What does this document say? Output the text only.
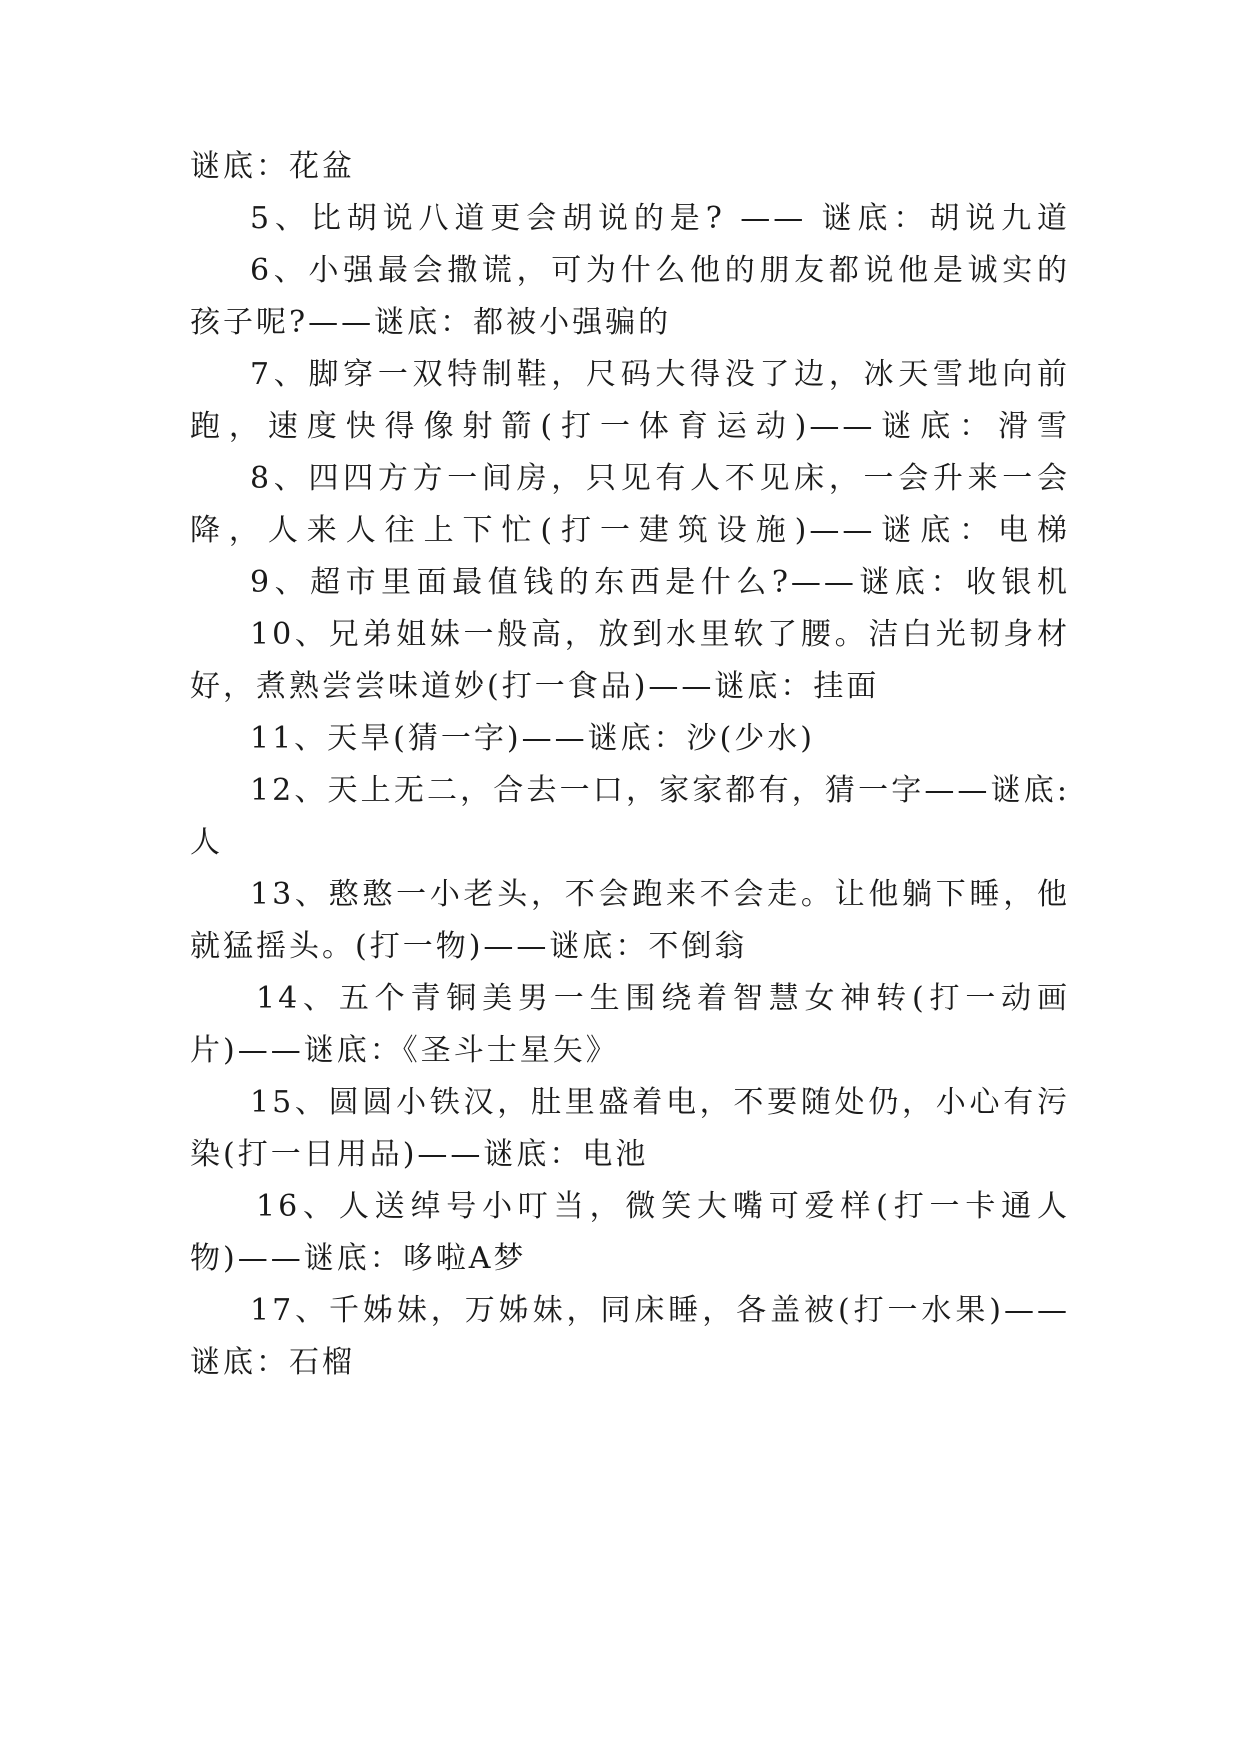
谜底：花盆
5、比胡说八道更会胡说的是? —— 谜底：胡说九道
6、小强最会撒谎，可为什么他的朋友都说他是诚实的
孩子呢?——谜底：都被小强骗的
7、脚穿一双特制鞋，尺码大得没了边，冰天雪地向前
跑，速度快得像射箭(打一体育运动)——谜底：滑雪
8、四四方方一间房，只见有人不见床，一会升来一会
降，人来人往上下忙(打一建筑设施)——谜底：电梯
9、超市里面最值钱的东西是什么?——谜底：收银机
10、兄弟姐妹一般高，放到水里软了腰。洁白光韧身材
好，煮熟尝尝味道妙(打一食品)——谜底：挂面
11、天旱(猜一字)——谜底：沙(少水)
12、天上无二，合去一口，家家都有，猜一字——谜底:
人
13、憨憨一小老头，不会跑来不会走。让他躺下睡，他
就猛摇头。(打一物)——谜底：不倒翁
14、五个青铜美男一生围绕着智慧女神转(打一动画
片)——谜底：《圣斗士星矢》
15、圆圆小铁汉，肚里盛着电，不要随处仍，小心有污
染(打一日用品)——谜底：电池
16、人送绰号小叮当，微笑大嘴可爱样(打一卡通人
物)——谜底：哆啦A梦
17、千姊妹，万姊妹，同床睡，各盖被(打一水果)——
谜底：石榴
